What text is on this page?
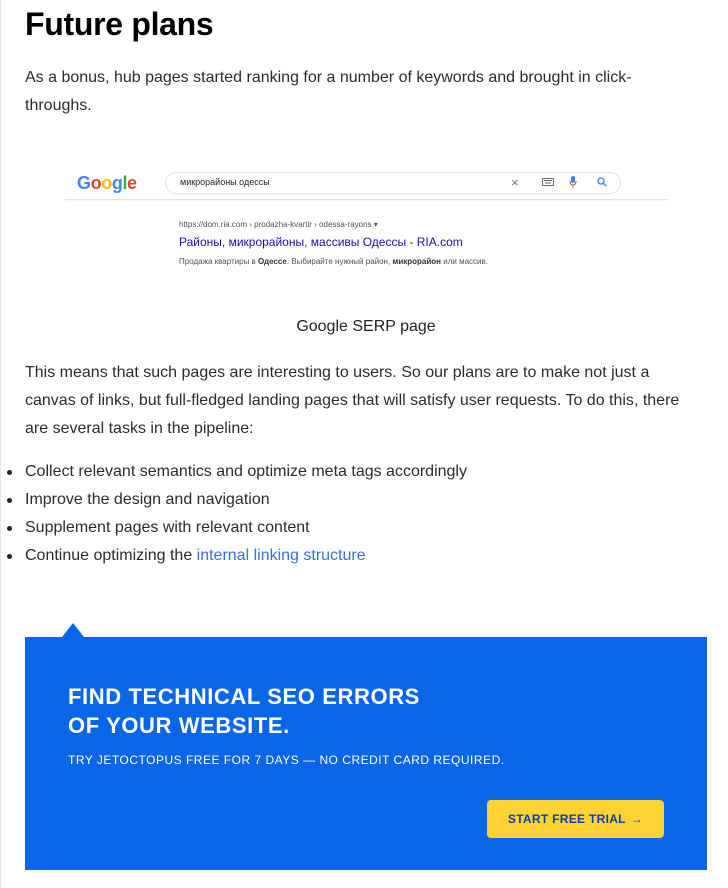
Future plans

As a bonus, hub pages started ranking for a number of keywords and brought in click-throughs.

Google	микрорайоны одессы	×
https://dom.ria.com › prodazha-kvartir › odessa-rayons ▾
Районы, микрорайоны, массивы Одессы - RIA.com
Продажа квартиры в Одессе. Выбирайте нужный район, микрорайон или массив.
Google SERP page

This means that such pages are interesting to users. So our plans are to make not just a canvas of links, but full-fledged landing pages that will satisfy user requests. To do this, there are several tasks in the pipeline:

Collect relevant semantics and optimize meta tags accordingly
Improve the design and navigation
Supplement pages with relevant content
Continue optimizing the internal linking structure
FIND TECHNICAL SEO ERRORS
OF YOUR WEBSITE.
TRY JETOCTOPUS FREE FOR 7 DAYS — NO CREDIT CARD REQUIRED.
START FREE TRIAL →
